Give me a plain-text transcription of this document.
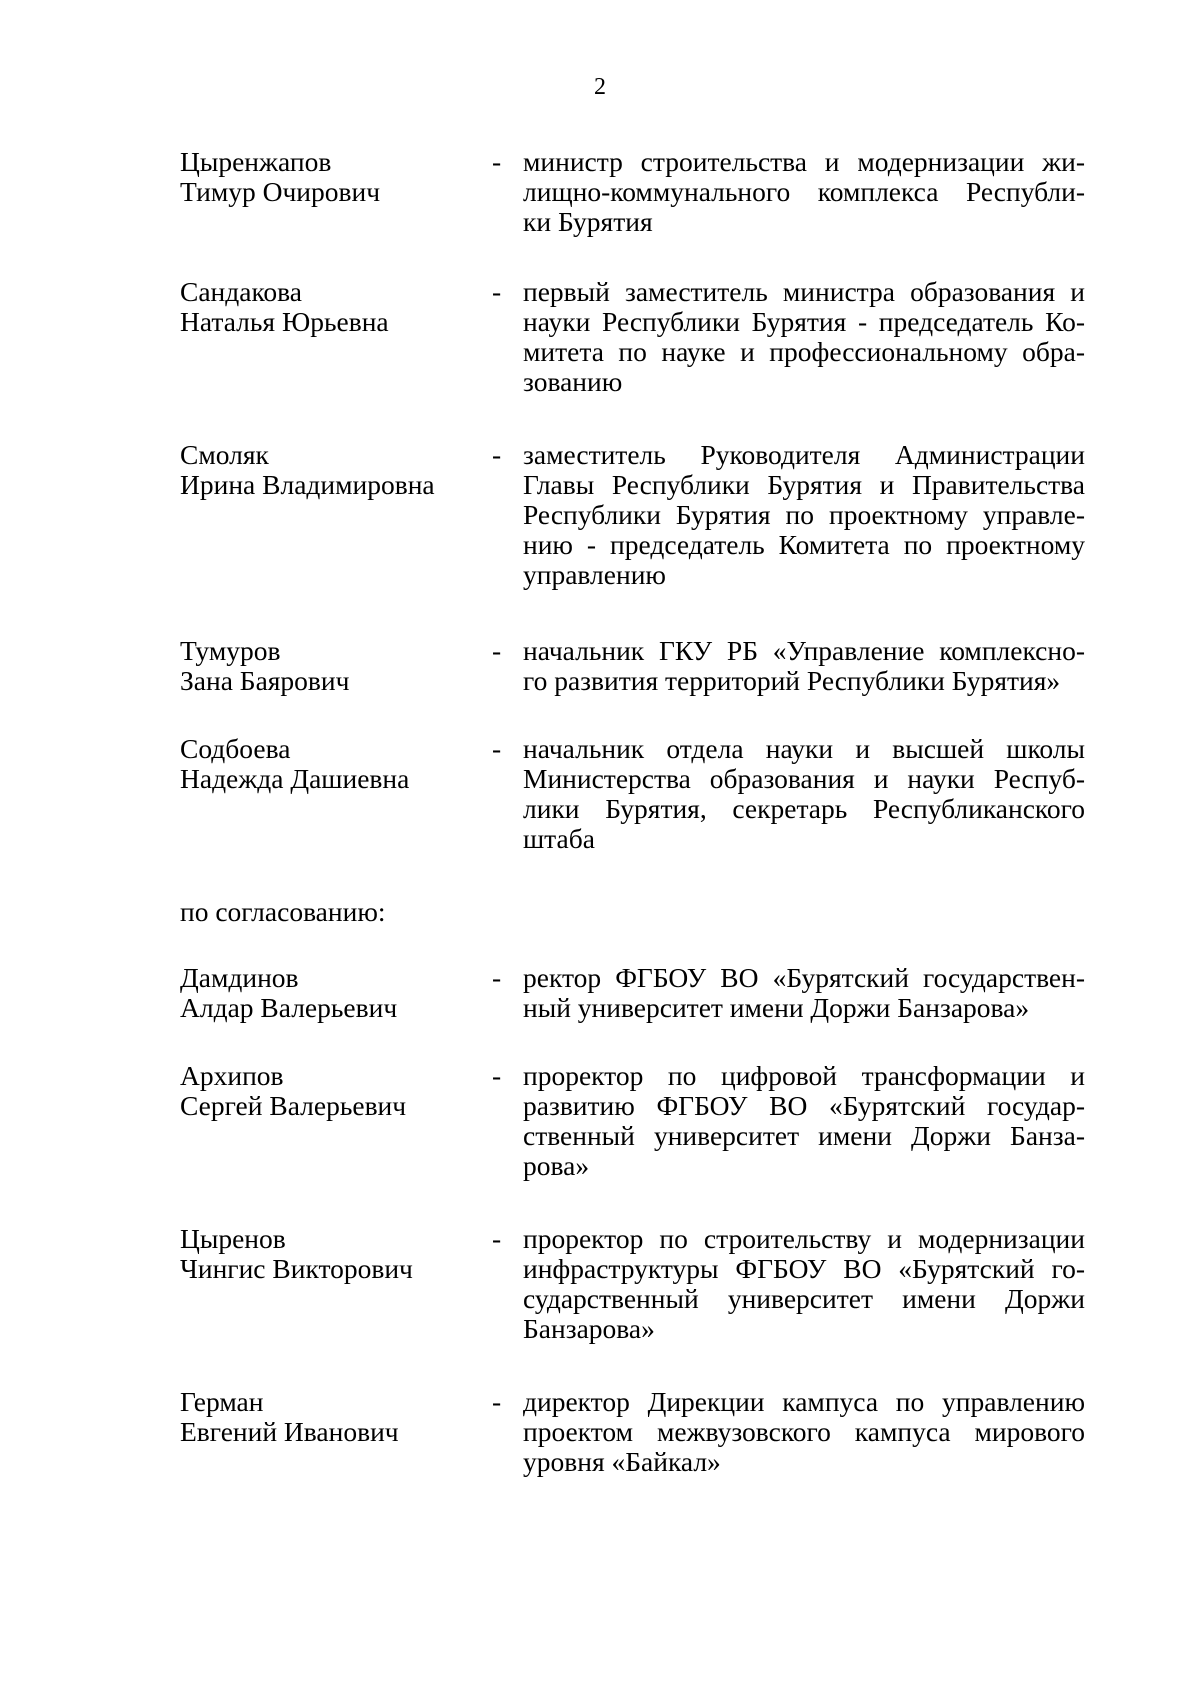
2
Цыренжапов
Тимур Очирович
- министр строительства и модернизации жи-
лищно-коммунального комплекса Республи-
ки Бурятия
Сандакова
Наталья Юрьевна
- первый заместитель министра образования и
науки Республики Бурятия - председатель Ко-
митета по науке и профессиональному обра-
зованию
Смоляк
Ирина Владимировна
- заместитель Руководителя Администрации
Главы Республики Бурятия и Правительства
Республики Бурятия по проектному управле-
нию - председатель Комитета по проектному
управлению
Тумуров
Зана Баярович
- начальник ГКУ РБ «Управление комплексно-
го развития территорий Республики Бурятия»
Содбоева
Надежда Дашиевна
- начальник отдела науки и высшей школы
Министерства образования и науки Респуб-
лики Бурятия, секретарь Республиканского
штаба
по согласованию:
Дамдинов
Алдар Валерьевич
- ректор ФГБОУ ВО «Бурятский государствен-
ный университет имени Доржи Банзарова»
Архипов
Сергей Валерьевич
- проректор по цифровой трансформации и
развитию ФГБОУ ВО «Бурятский государ-
ственный университет имени Доржи Банза-
рова»
Цыренов
Чингис Викторович
- проректор по строительству и модернизации
инфраструктуры ФГБОУ ВО «Бурятский го-
сударственный университет имени Доржи
Банзарова»
Герман
Евгений Иванович
- директор Дирекции кампуса по управлению
проектом межвузовского кампуса мирового
уровня «Байкал»
